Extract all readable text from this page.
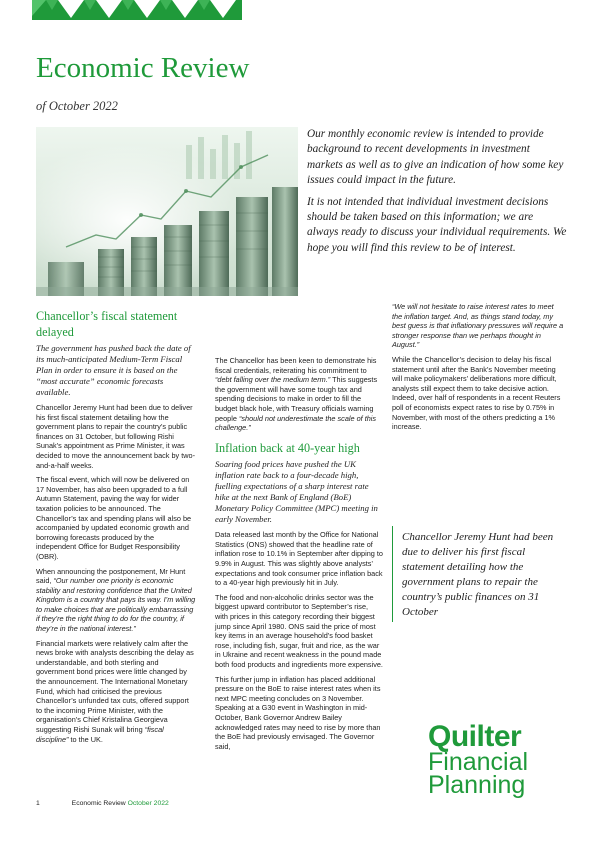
Economic Review
of October 2022

Our monthly economic review is intended to provide background to recent developments in investment markets as well as to give an indication of how some key issues could impact in the future.

It is not intended that individual investment decisions should be taken based on this information; we are always ready to discuss your individual requirements. We hope you will find this review to be of interest.

Chancellor’s fiscal statement delayed

The government has pushed back the date of its much-anticipated Medium-Term Fiscal Plan in order to ensure it is based on the “most accurate” economic forecasts available.

Chancellor Jeremy Hunt had been due to deliver his first fiscal statement detailing how the government plans to repair the country’s public finances on 31 October, but following Rishi Sunak’s appointment as Prime Minister, it was decided to move the announcement back by two-and-a-half weeks.

The fiscal event, which will now be delivered on 17 November, has also been upgraded to a full Autumn Statement, paving the way for wider taxation policies to be announced. The Chancellor’s tax and spending plans will also be accompanied by updated economic growth and borrowing forecasts produced by the independent Office for Budget Responsibility (OBR).

When announcing the postponement, Mr Hunt said, “Our number one priority is economic stability and restoring confidence that the United Kingdom is a country that pays its way. I’m willing to make choices that are politically embarrassing if they’re the right thing to do for the country, if they’re in the national interest.”

Financial markets were relatively calm after the news broke with analysts describing the delay as understandable, and both sterling and government bond prices were little changed by the announcement. The International Monetary Fund, which had criticised the previous Chancellor’s unfunded tax cuts, offered support to the incoming Prime Minister, with the organisation’s Chief Kristalina Georgieva suggesting Rishi Sunak will bring “fiscal discipline” to the UK.

The Chancellor has been keen to demonstrate his fiscal credentials, reiterating his commitment to “debt falling over the medium term.” This suggests the government will have some tough tax and spending decisions to make in order to fill the budget black hole, with Treasury officials warning people “should not underestimate the scale of this challenge.”

Inflation back at 40-year high

Soaring food prices have pushed the UK inflation rate back to a four-decade high, fuelling expectations of a sharp interest rate hike at the next Bank of England (BoE) Monetary Policy Committee (MPC) meeting in early November.

Data released last month by the Office for National Statistics (ONS) showed that the headline rate of inflation rose to 10.1% in September after dipping to 9.9% in August. This was slightly above analysts’ expectations and took consumer price inflation back to a 40-year high previously hit in July.

The food and non-alcoholic drinks sector was the biggest upward contributor to September’s rise, with prices in this category recording their biggest jump since April 1980. ONS said the price of most key items in an average household’s food basket rose, including fish, sugar, fruit and rice, as the war in Ukraine and recent weakness in the pound made both food products and ingredients more expensive.

This further jump in inflation has placed additional pressure on the BoE to raise interest rates when its next MPC meeting concludes on 3 November. Speaking at a G30 event in Washington in mid-October, Bank Governor Andrew Bailey acknowledged rates may need to rise by more than the BoE had previously envisaged. The Governor said,

“We will not hesitate to raise interest rates to meet the inflation target. And, as things stand today, my best guess is that inflationary pressures will require a stronger response than we perhaps thought in August.”

While the Chancellor’s decision to delay his fiscal statement until after the Bank’s November meeting will make policymakers’ deliberations more difficult, analysts still expect them to take decisive action. Indeed, over half of respondents in a recent Reuters poll of economists expect rates to rise by 0.75% in November, with most of the others predicting a 1% increase.

Chancellor Jeremy Hunt had been due to deliver his first fiscal statement detailing how the government plans to repair the country’s public finances on 31 October
Quilter
Financial
Planning
1	Economic Review October 2022
